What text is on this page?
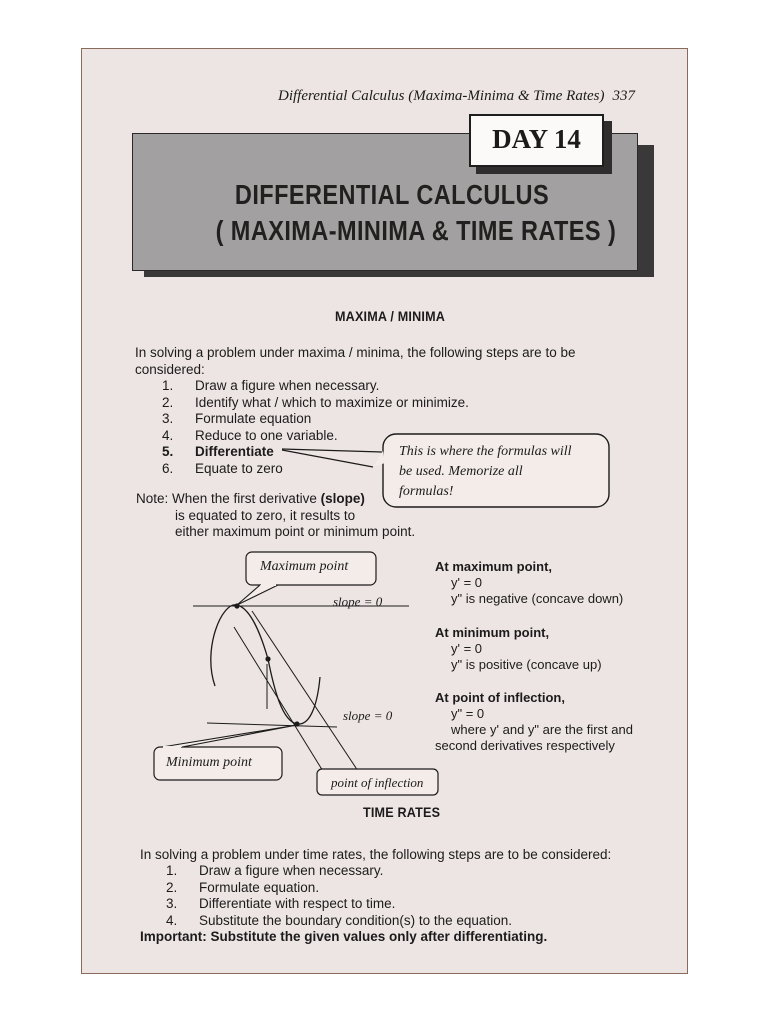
Differential Calculus (Maxima-Minima & Time Rates) 337
DAY 14
DIFFERENTIAL CALCULUS
( MAXIMA-MINIMA & TIME RATES )
MAXIMA / MINIMA
In solving a problem under maxima / minima, the following steps are to be
considered:
1. Draw a figure when necessary.
2. Identify what / which to maximize or minimize.
3. Formulate equation
4. Reduce to one variable.
5. Differentiate
6. Equate to zero
This is where the formulas will
be used. Memorize all
formulas!
Note: When the first derivative (slope)
is equated to zero, it results to
either maximum point or minimum point.
Maximum point
slope = 0
slope = 0
Minimum point
point of inflection
At maximum point,
y' = 0
y" is negative (concave down)
At minimum point,
y' = 0
y" is positive (concave up)
At point of inflection,
y" = 0
where y' and y" are the first and
second derivatives respectively
TIME RATES
In solving a problem under time rates, the following steps are to be considered:
1. Draw a figure when necessary.
2. Formulate equation.
3. Differentiate with respect to time.
4. Substitute the boundary condition(s) to the equation.
Important: Substitute the given values only after differentiating.
